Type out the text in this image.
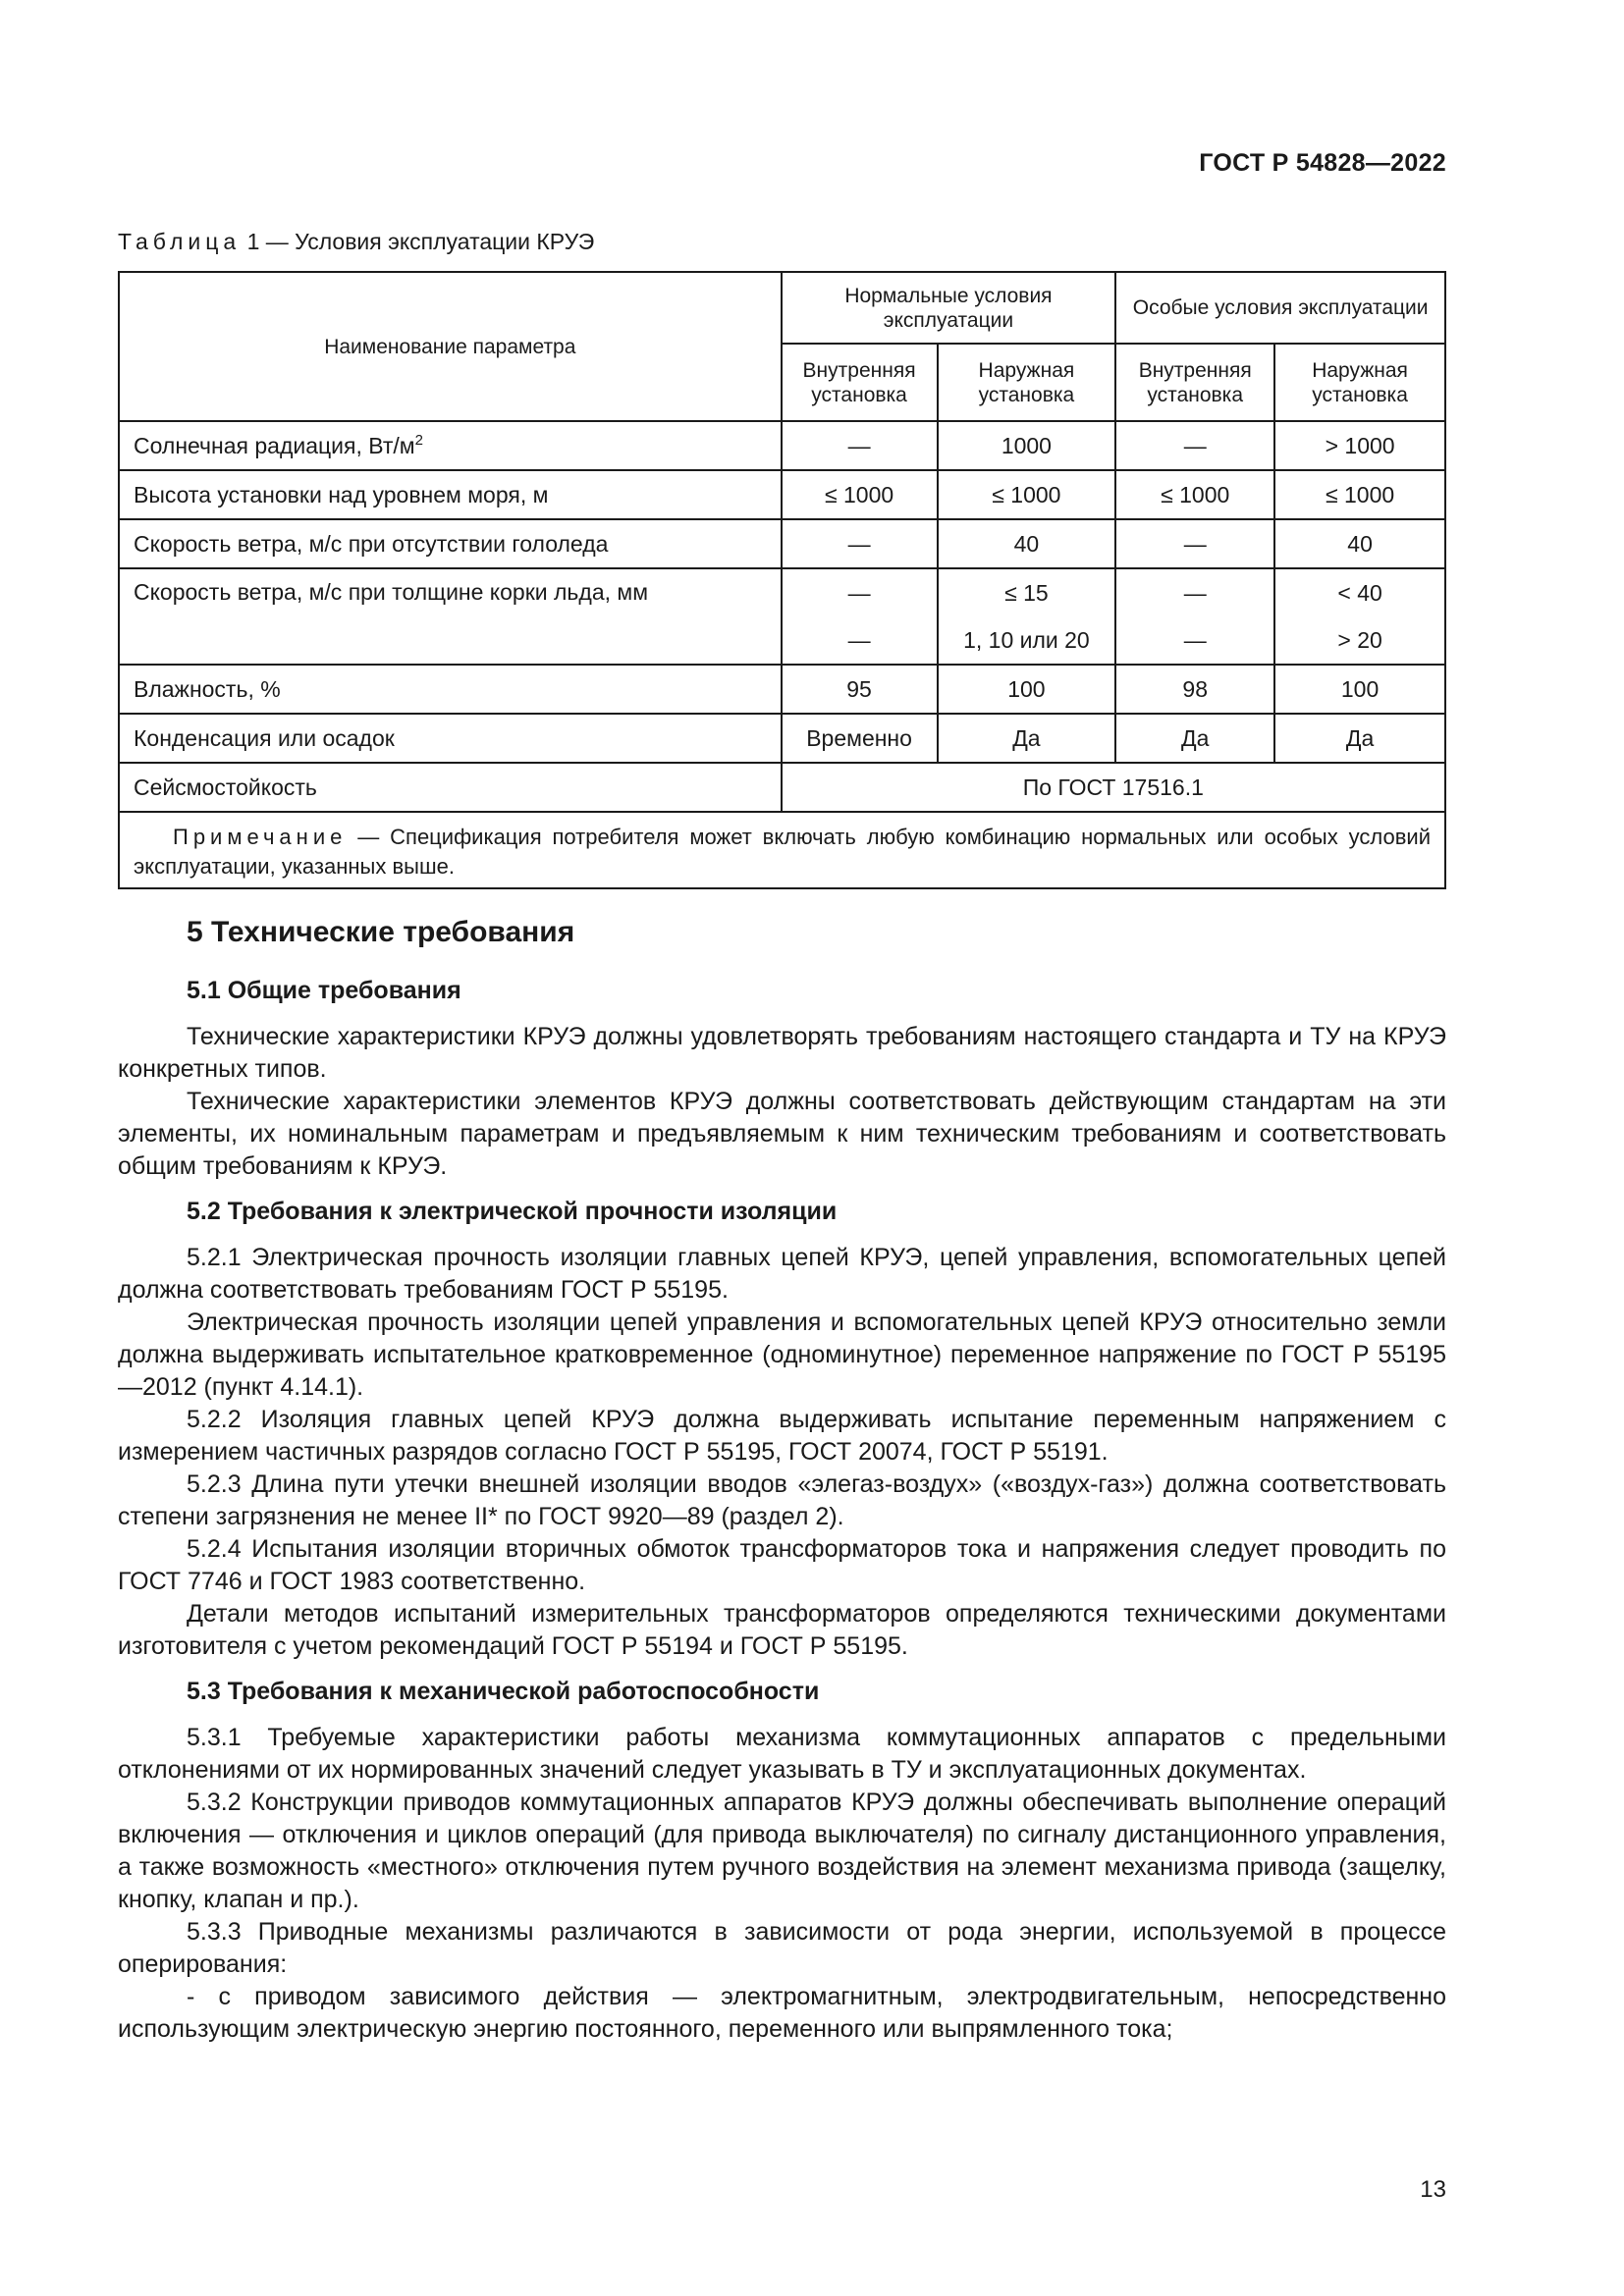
ГОСТ Р 54828—2022
Таблица 1 — Условия эксплуатации КРУЭ
Наименование параметра	Нормальные условия эксплуатации		Особые условия эксплуатации	
	Внутренняя установка	Наружная установка	Внутренняя установка	Наружная установка
Солнечная радиация, $Вт/м^2$	—	1000	—	> 1000
Высота установки над уровнем моря, м	≤ 1000	≤ 1000	≤ 1000	≤ 1000
Скорость ветра, м/с при отсутствии гололеда	—	40	—	40
Скорость ветра, м/с при толщине корки льда, мм	—	≤ 15	—	< 40
	—	1, 10 или 20	—	> 20
Влажность, %	95	100	98	100
Конденсация или осадок	Временно	Да	Да	Да
Сейсмостойкость	По ГОСТ 17516.1			
Примечание — Спецификация потребителя может включать любую комбинацию нормальных или особых условий эксплуатации, указанных выше.				
5 Технические требования
5.1 Общие требования

Технические характеристики КРУЭ должны удовлетворять требованиям настоящего стандарта и ТУ на КРУЭ конкретных типов.

Технические характеристики элементов КРУЭ должны соответствовать действующим стандартам на эти элементы, их номинальным параметрам и предъявляемым к ним техническим требованиям и соответствовать общим требованиям к КРУЭ.

5.2 Требования к электрической прочности изоляции

5.2.1 Электрическая прочность изоляции главных цепей КРУЭ, цепей управления, вспомогательных цепей должна соответствовать требованиям ГОСТ Р 55195.

Электрическая прочность изоляции цепей управления и вспомогательных цепей КРУЭ относительно земли должна выдерживать испытательное кратковременное (одноминутное) переменное напряжение по ГОСТ Р 55195—2012 (пункт 4.14.1).

5.2.2 Изоляция главных цепей КРУЭ должна выдерживать испытание переменным напряжением с измерением частичных разрядов согласно ГОСТ Р 55195, ГОСТ 20074, ГОСТ Р 55191.

5.2.3 Длина пути утечки внешней изоляции вводов «элегаз-воздух» («воздух-газ») должна соответствовать степени загрязнения не менее II* по ГОСТ 9920—89 (раздел 2).

5.2.4 Испытания изоляции вторичных обмоток трансформаторов тока и напряжения следует проводить по ГОСТ 7746 и ГОСТ 1983 соответственно.

Детали методов испытаний измерительных трансформаторов определяются техническими документами изготовителя с учетом рекомендаций ГОСТ Р 55194 и ГОСТ Р 55195.

5.3 Требования к механической работоспособности

5.3.1 Требуемые характеристики работы механизма коммутационных аппаратов с предельными отклонениями от их нормированных значений следует указывать в ТУ и эксплуатационных документах.

5.3.2 Конструкции приводов коммутационных аппаратов КРУЭ должны обеспечивать выполнение операций включения — отключения и циклов операций (для привода выключателя) по сигналу дистанционного управления, а также возможность «местного» отключения путем ручного воздействия на элемент механизма привода (защелку, кнопку, клапан и пр.).

5.3.3 Приводные механизмы различаются в зависимости от рода энергии, используемой в процессе оперирования:

- с приводом зависимого действия — электромагнитным, электродвигательным, непосредственно использующим электрическую энергию постоянного, переменного или выпрямленного тока;

13
